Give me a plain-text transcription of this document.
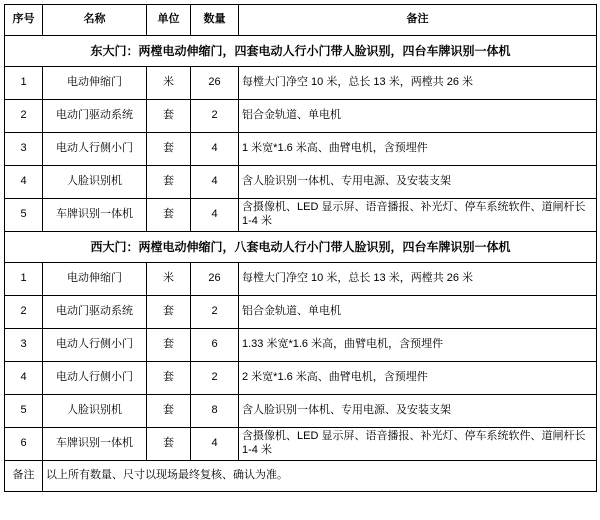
序号	名称	单位	数量	备注
东大门：两樘电动伸缩门，四套电动人行小门带人脸识别，四台车牌识别一体机				
1	电动伸缩门	米	26	每樘大门净空 10 米，总长 13 米，两樘共 26 米
2	电动门驱动系统	套	2	铝合金轨道、单电机
3	电动人行侧小门	套	4	1 米宽*1.6 米高、曲臂电机，含预埋件
4	人脸识别机	套	4	含人脸识别一体机、专用电源、及安装支架
5	车牌识别一体机	套	4	含摄像机、LED 显示屏、语音播报、补光灯、停车系统软件、道闸杆长 1-4 米
西大门：两樘电动伸缩门，八套电动人行小门带人脸识别，四台车牌识别一体机				
1	电动伸缩门	米	26	每樘大门净空 10 米，总长 13 米，两樘共 26 米
2	电动门驱动系统	套	2	铝合金轨道、单电机
3	电动人行侧小门	套	6	1.33 米宽*1.6 米高，曲臂电机，含预埋件
4	电动人行侧小门	套	2	2 米宽*1.6 米高、曲臂电机，含预埋件
5	人脸识别机	套	8	含人脸识别一体机、专用电源、及安装支架
6	车牌识别一体机	套	4	含摄像机、LED 显示屏、语音播报、补光灯、停车系统软件、道闸杆长 1-4 米
备注	以上所有数量、尺寸以现场最终复核、确认为准。			
